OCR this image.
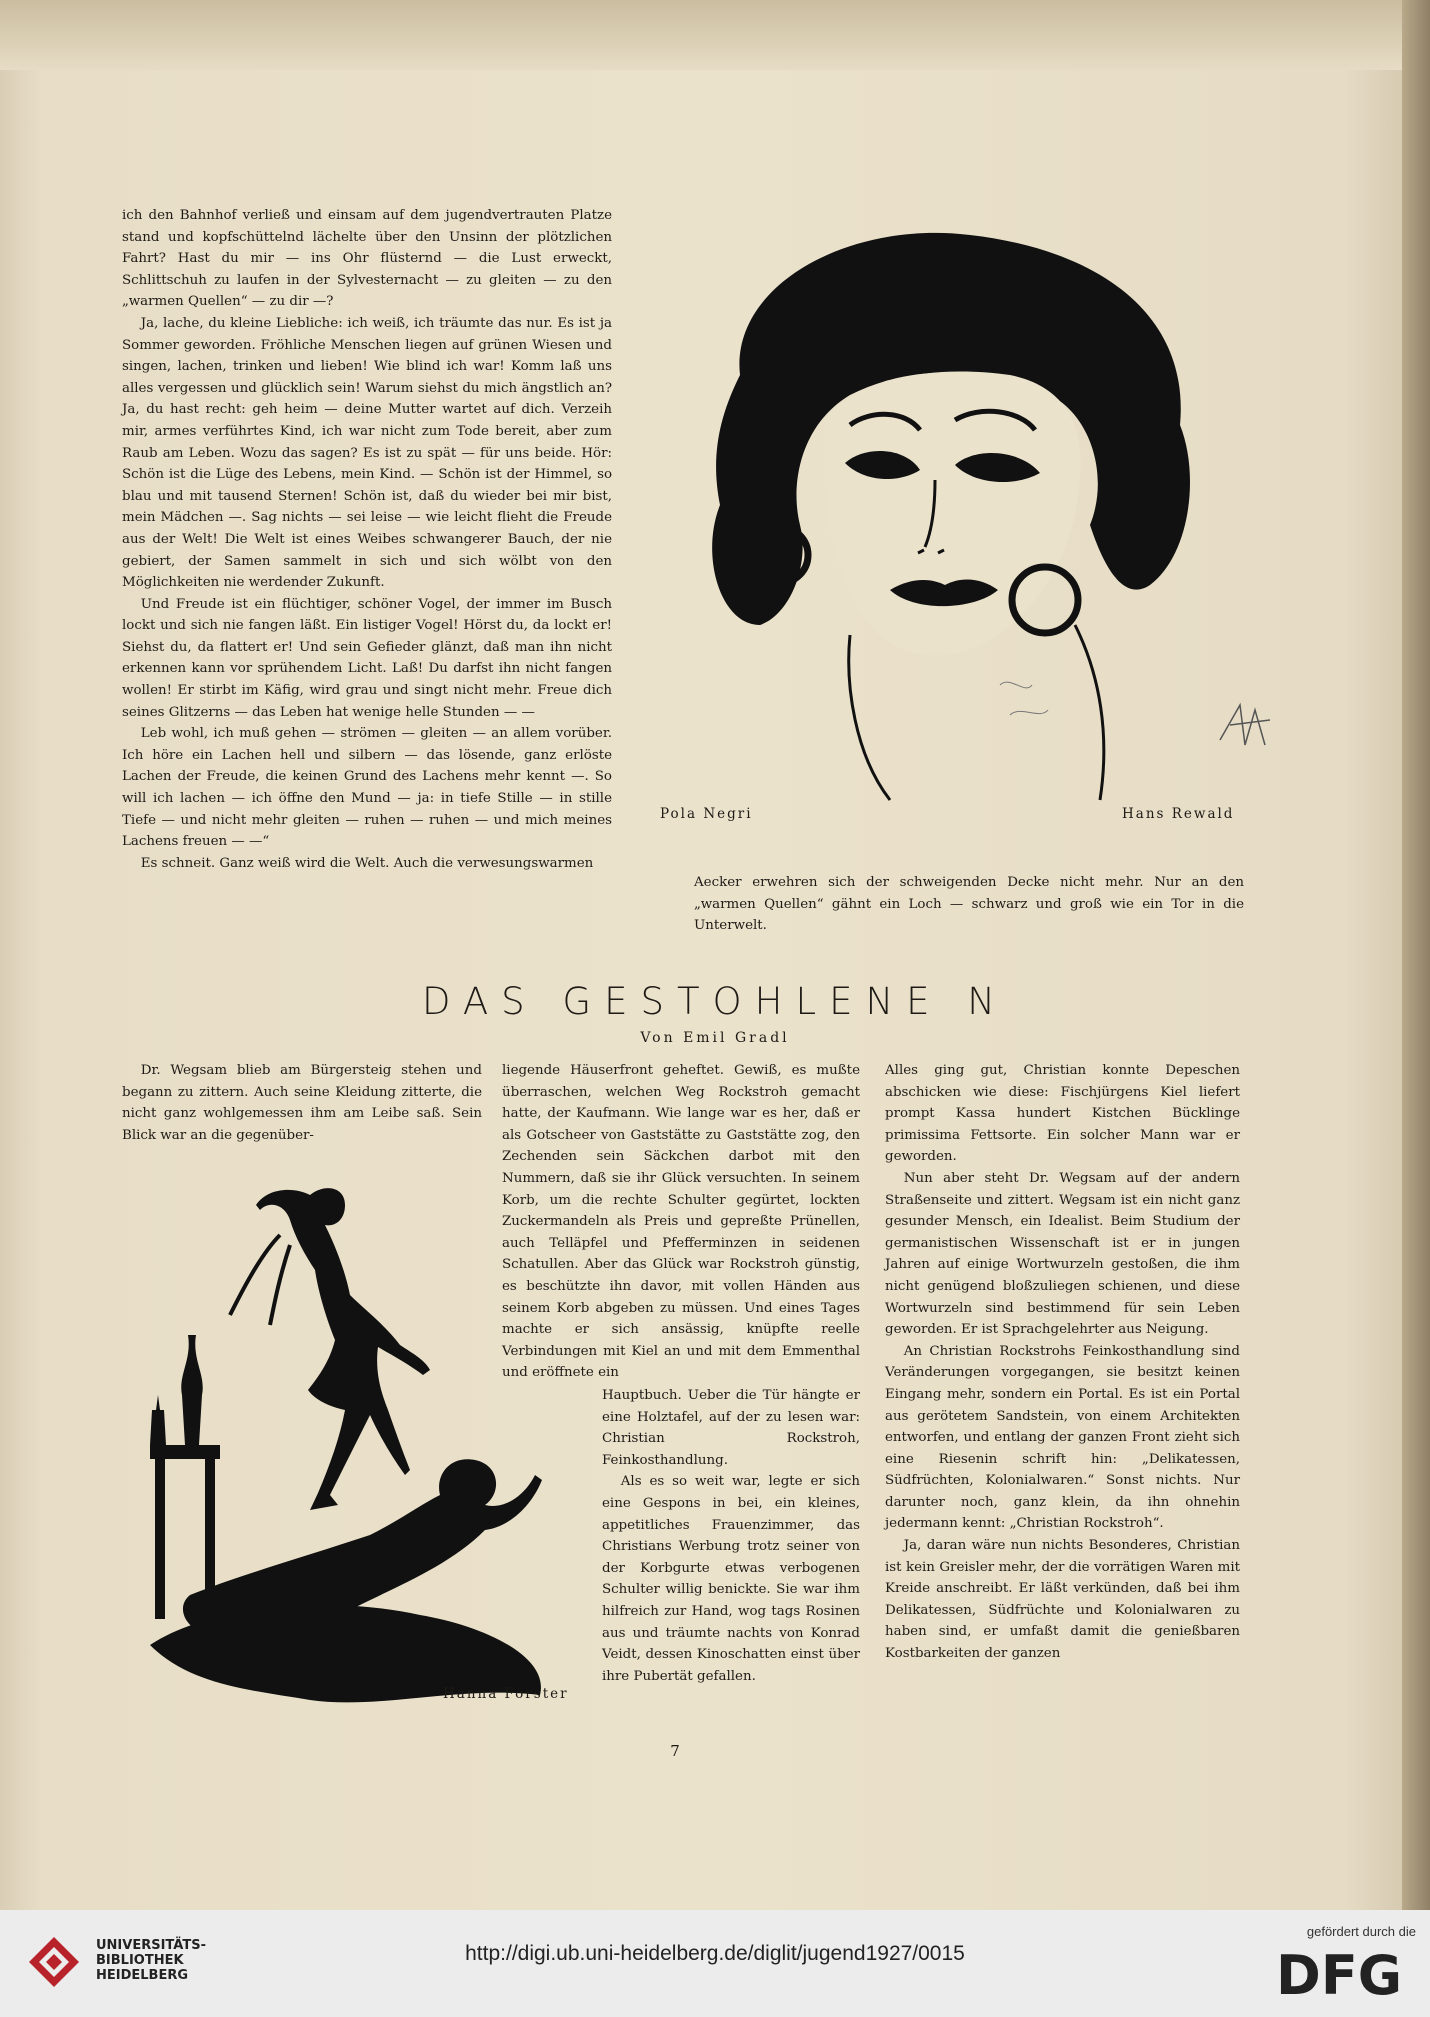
ich den Bahnhof verließ und einsam auf dem jugendvertrauten Platze stand und kopfschüttelnd lächelte über den Unsinn der plötzlichen Fahrt? Hast du mir — ins Ohr flüsternd — die Lust erweckt, Schlittschuh zu laufen in der Sylvesternacht — zu gleiten — zu den „warmen Quellen“ — zu dir —?

Ja, lache, du kleine Liebliche: ich weiß, ich träumte das nur. Es ist ja Sommer geworden. Fröhliche Menschen liegen auf grünen Wiesen und singen, lachen, trinken und lieben! Wie blind ich war! Komm laß uns alles vergessen und glücklich sein! Warum siehst du mich ängstlich an? Ja, du hast recht: geh heim — deine Mutter wartet auf dich. Verzeih mir, armes verführtes Kind, ich war nicht zum Tode bereit, aber zum Raub am Leben. Wozu das sagen? Es ist zu spät — für uns beide. Hör: Schön ist die Lüge des Lebens, mein Kind. — Schön ist der Himmel, so blau und mit tausend Sternen! Schön ist, daß du wieder bei mir bist, mein Mädchen —. Sag nichts — sei leise — wie leicht flieht die Freude aus der Welt! Die Welt ist eines Weibes schwangerer Bauch, der nie gebiert, der Samen sammelt in sich und sich wölbt von den Möglichkeiten nie werdender Zukunft.

Und Freude ist ein flüchtiger, schöner Vogel, der immer im Busch lockt und sich nie fangen läßt. Ein listiger Vogel! Hörst du, da lockt er! Siehst du, da flattert er! Und sein Gefieder glänzt, daß man ihn nicht erkennen kann vor sprühendem Licht. Laß! Du darfst ihn nicht fangen wollen! Er stirbt im Käfig, wird grau und singt nicht mehr. Freue dich seines Glitzerns — das Leben hat wenige helle Stunden — —

Leb wohl, ich muß gehen — strömen — gleiten — an allem vorüber. Ich höre ein Lachen hell und silbern — das lösende, ganz erlöste Lachen der Freude, die keinen Grund des Lachens mehr kennt —. So will ich lachen — ich öffne den Mund — ja: in tiefe Stille — in stille Tiefe — und nicht mehr gleiten — ruhen — ruhen — und mich meines Lachens freuen — —“

Es schneit. Ganz weiß wird die Welt. Auch die verwesungswarmen

Aecker erwehren sich der schweigenden Decke nicht mehr. Nur an den „warmen Quellen“ gähnt ein Loch — schwarz und groß wie ein Tor in die Unterwelt.

Pola Negri	Hans Rewald
DAS GESTOHLENE N
Von Emil Gradl

Dr. Wegsam blieb am Bürgersteig stehen und begann zu zittern. Auch seine Kleidung zitterte, die nicht ganz wohlgemessen ihm am Leibe saß. Sein Blick war an die gegenüber-

liegende Häuserfront geheftet. Gewiß, es mußte überraschen, welchen Weg Rockstroh gemacht hatte, der Kaufmann. Wie lange war es her, daß er als Gotscheer von Gaststätte zu Gaststätte zog, den Zechenden sein Säckchen darbot mit den Nummern, daß sie ihr Glück versuchten. In seinem Korb, um die rechte Schulter gegürtet, lockten Zuckermandeln als Preis und gepreßte Prünellen, auch Telläpfel und Pfefferminzen in seidenen Schatullen. Aber das Glück war Rockstroh günstig, es beschützte ihn davor, mit vollen Händen aus seinem Korb abgeben zu müssen. Und eines Tages machte er sich ansässig, knüpfte reelle Verbindungen mit Kiel an und mit dem Emmenthal und eröffnete ein

Hauptbuch. Ueber die Tür hängte er eine Holztafel, auf der zu lesen war: Christian Rockstroh, Feinkosthandlung.

Als es so weit war, legte er sich eine Gespons in bei, ein kleines, appetitliches Frauenzimmer, das Christians Werbung trotz seiner von der Korbgurte etwas verbogenen Schulter willig benickte. Sie war ihm hilfreich zur Hand, wog tags Rosinen aus und träumte nachts von Konrad Veidt, dessen Kinoschatten einst über ihre Pubertät gefallen.

Alles ging gut, Christian konnte Depeschen abschicken wie diese: Fischjürgens Kiel liefert prompt Kassa hundert Kistchen Bücklinge primissima Fettsorte. Ein solcher Mann war er geworden.

Nun aber steht Dr. Wegsam auf der andern Straßenseite und zittert. Wegsam ist ein nicht ganz gesunder Mensch, ein Idealist. Beim Studium der germanistischen Wissenschaft ist er in jungen Jahren auf einige Wortwurzeln gestoßen, die ihm nicht genügend bloßzuliegen schienen, und diese Wortwurzeln sind bestimmend für sein Leben geworden. Er ist Sprachgelehrter aus Neigung.

An Christian Rockstrohs Feinkosthandlung sind Veränderungen vorgegangen, sie besitzt keinen Eingang mehr, sondern ein Portal. Es ist ein Portal aus gerötetem Sandstein, von einem Architekten entworfen, und entlang der ganzen Front zieht sich eine Riesenin schrift hin: „Delikatessen, Südfrüchten, Kolonialwaren.“ Sonst nichts. Nur darunter noch, ganz klein, da ihn ohnehin jedermann kennt: „Christian Rockstroh“.

Ja, daran wäre nun nichts Besonderes, Christian ist kein Greisler mehr, der die vorrätigen Waren mit Kreide anschreibt. Er läßt verkünden, daß bei ihm Delikatessen, Südfrüchte und Kolonialwaren zu haben sind, er umfaßt damit die genießbaren Kostbarkeiten der ganzen

Hanna Forster
7
UNIVERSITÄTS-
BIBLIOTHEK
HEIDELBERG
http://digi.ub.uni-heidelberg.de/diglit/jugend1927/0015
gefördert durch die
DFG
